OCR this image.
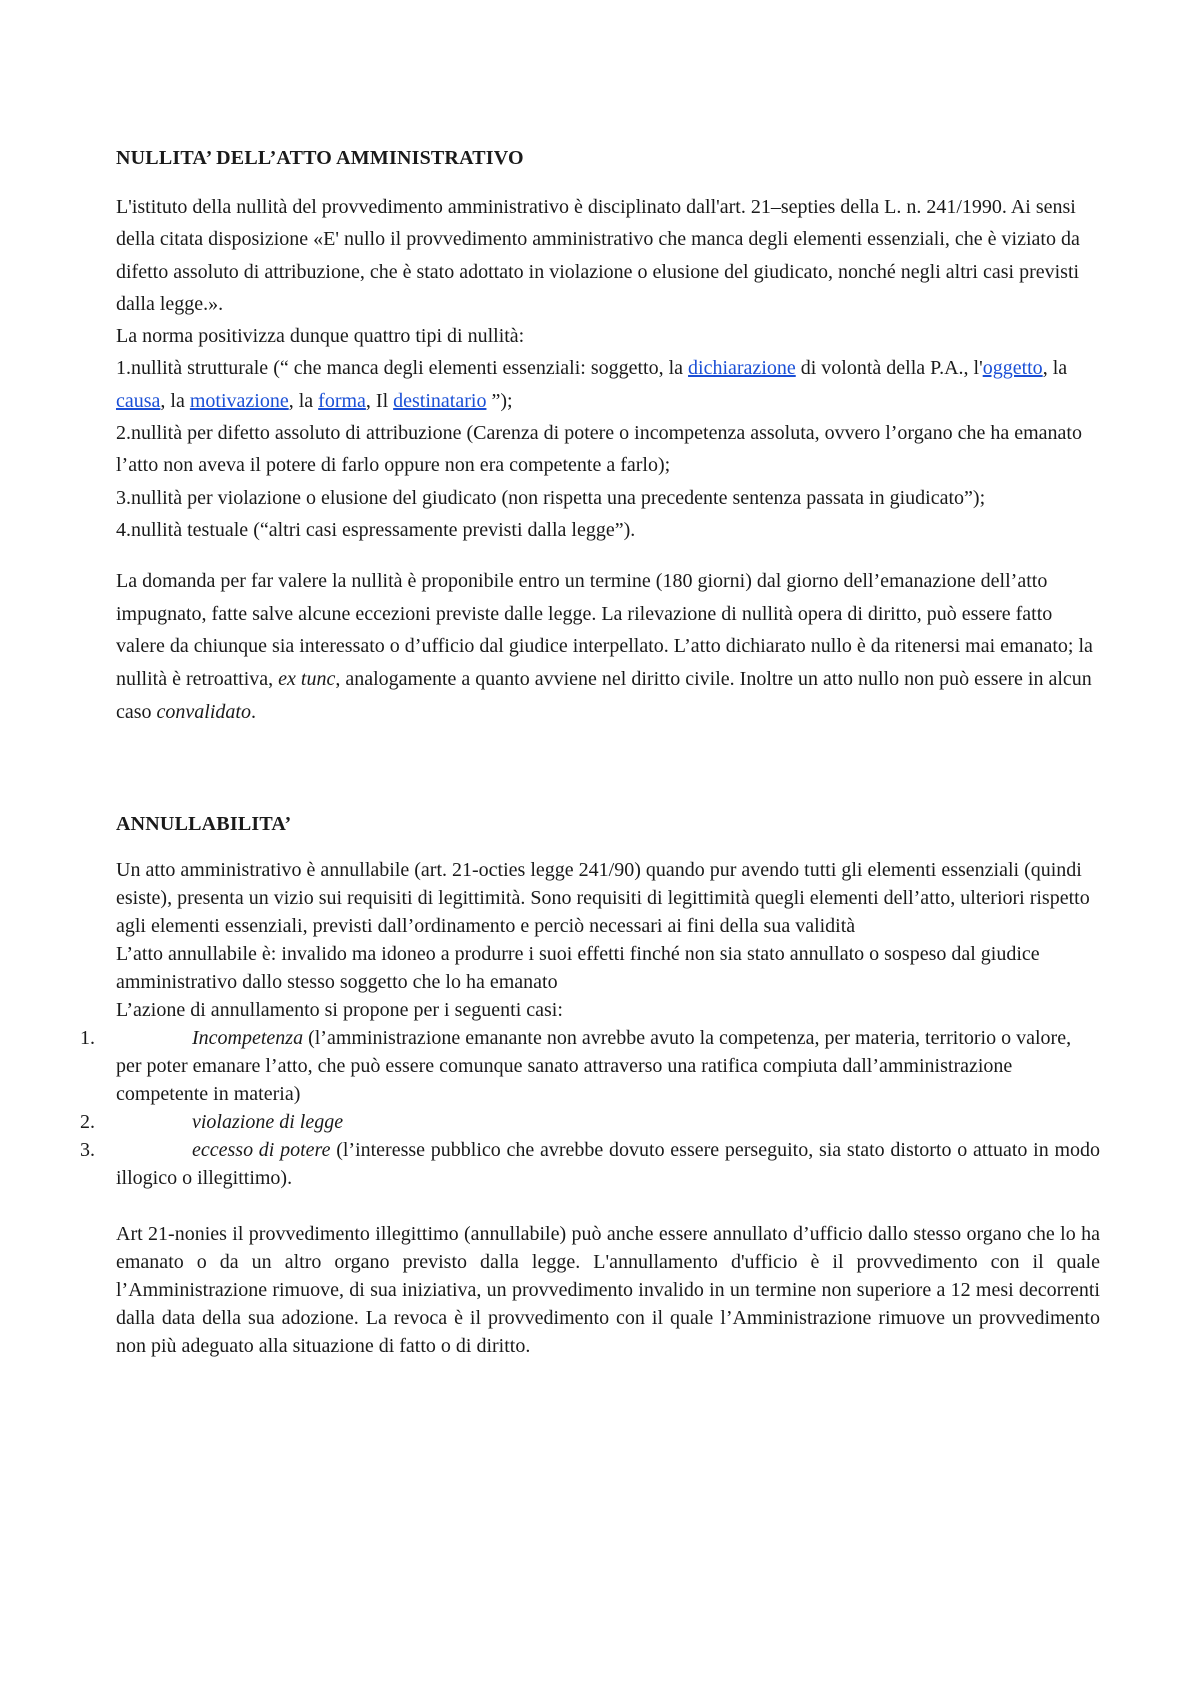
NULLITA’ DELL’ATTO AMMINISTRATIVO

L'istituto della nullità del provvedimento amministrativo è disciplinato dall'art. 21–septies della L. n. 241/1990. Ai sensi della citata disposizione «E' nullo il provvedimento amministrativo che manca degli elementi essenziali, che è viziato da difetto assoluto di attribuzione, che è stato adottato in violazione o elusione del giudicato, nonché negli altri casi previsti dalla legge.».

La norma positivizza dunque quattro tipi di nullità:
1.nullità strutturale (“ che manca degli elementi essenziali: soggetto, la dichiarazione di volontà della P.A., l'oggetto, la causa, la motivazione, la forma, Il destinatario ”);
2.nullità per difetto assoluto di attribuzione (Carenza di potere o incompetenza assoluta, ovvero l’organo che ha emanato l’atto non aveva il potere di farlo oppure non era competente a farlo);
3.nullità per violazione o elusione del giudicato (non rispetta una precedente sentenza passata in giudicato”);
4.nullità testuale (“altri casi espressamente previsti dalla legge”).

La domanda per far valere la nullità è proponibile entro un termine (180 giorni) dal giorno dell’emanazione dell’atto impugnato, fatte salve alcune eccezioni previste dalle legge. La rilevazione di nullità opera di diritto, può essere fatto valere da chiunque sia interessato o d’ufficio dal giudice interpellato. L’atto dichiarato nullo è da ritenersi mai emanato; la nullità è retroattiva, ex tunc, analogamente a quanto avviene nel diritto civile. Inoltre un atto nullo non può essere in alcun caso convalidato.

ANNULLABILITA’
Un atto amministrativo è annullabile (art. 21-octies legge 241/90) quando pur avendo tutti gli elementi essenziali (quindi esiste), presenta un vizio sui requisiti di legittimità. Sono requisiti di legittimità quegli elementi dell’atto, ulteriori rispetto agli elementi essenziali, previsti dall’ordinamento e perciò necessari ai fini della sua validità
L’atto annullabile è: invalido ma idoneo a produrre i suoi effetti finché non sia stato annullato o sospeso dal giudice amministrativo dallo stesso soggetto che lo ha emanato
L’azione di annullamento si propone per i seguenti casi:
1.	Incompetenza (l’amministrazione emanante non avrebbe avuto la competenza, per materia, territorio o valore, per poter emanare l’atto, che può essere comunque sanato attraverso una ratifica compiuta dall’amministrazione competente in materia)
2.	violazione di legge
3.	eccesso di potere (l’interesse pubblico che avrebbe dovuto essere perseguito, sia stato distorto o attuato in modo illogico o illegittimo).

Art 21-nonies il provvedimento illegittimo (annullabile) può anche essere annullato d’ufficio dallo stesso organo che lo ha emanato o da un altro organo previsto dalla legge. L'annullamento d'ufficio è il provvedimento con il quale l’Amministrazione rimuove, di sua iniziativa, un provvedimento invalido in un termine non superiore a 12 mesi decorrenti dalla data della sua adozione. La revoca è il provvedimento con il quale l’Amministrazione rimuove un provvedimento non più adeguato alla situazione di fatto o di diritto.
